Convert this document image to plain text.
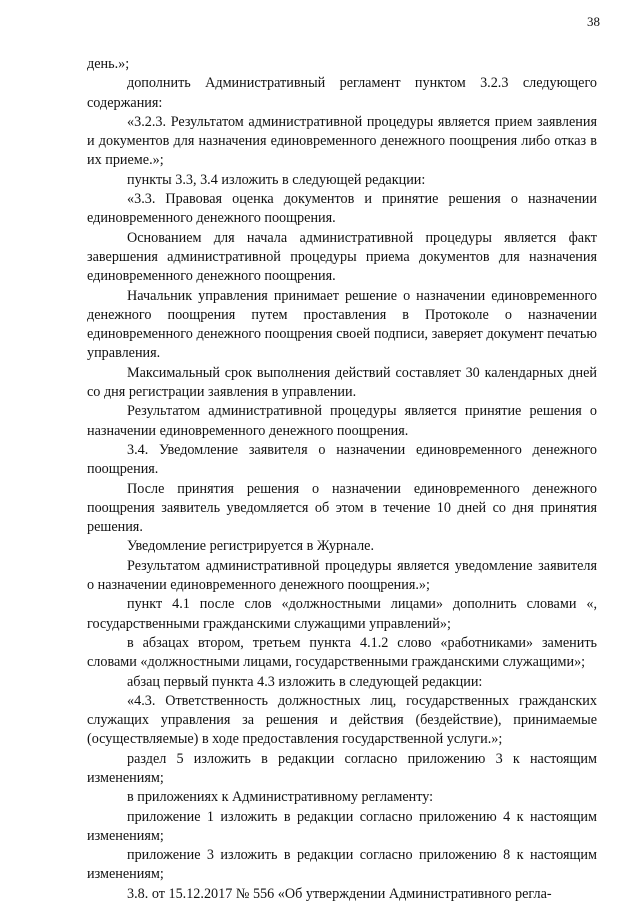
38

день.»;

дополнить Административный регламент пунктом 3.2.3 следующего содержания:

«3.2.3. Результатом административной процедуры является прием заявления и документов для назначения единовременного денежного поощрения либо отказ в их приеме.»;

пункты 3.3, 3.4 изложить в следующей редакции:

«3.3. Правовая оценка документов и принятие решения о назначении единовременного денежного поощрения.

Основанием для начала административной процедуры является факт завершения административной процедуры приема документов для назначения единовременного денежного поощрения.

Начальник управления принимает решение о назначении единовременного денежного поощрения путем проставления в Протоколе о назначении единовременного денежного поощрения своей подписи, заверяет документ печатью управления.

Максимальный срок выполнения действий составляет 30 календарных дней со дня регистрации заявления в управлении.

Результатом административной процедуры является принятие решения о назначении единовременного денежного поощрения.

3.4. Уведомление заявителя о назначении единовременного денежного поощрения.

После принятия решения о назначении единовременного денежного поощрения заявитель уведомляется об этом в течение 10 дней со дня принятия решения.

Уведомление регистрируется в Журнале.

Результатом административной процедуры является уведомление заявителя о назначении единовременного денежного поощрения.»;

пункт 4.1 после слов «должностными лицами» дополнить словами «, государственными гражданскими служащими управлений»;

в абзацах втором, третьем пункта 4.1.2 слово «работниками» заменить словами «должностными лицами, государственными гражданскими служащими»;

абзац первый пункта 4.3 изложить в следующей редакции:

«4.3. Ответственность должностных лиц, государственных гражданских служащих управления за решения и действия (бездействие), принимаемые (осуществляемые) в ходе предоставления государственной услуги.»;

раздел 5 изложить в редакции согласно приложению 3 к настоящим изменениям;

в приложениях к Административному регламенту:

приложение 1 изложить в редакции согласно приложению 4 к настоящим изменениям;

приложение 3 изложить в редакции согласно приложению 8 к настоящим изменениям;

3.8. от 15.12.2017 № 556 «Об утверждении Административного регла-
